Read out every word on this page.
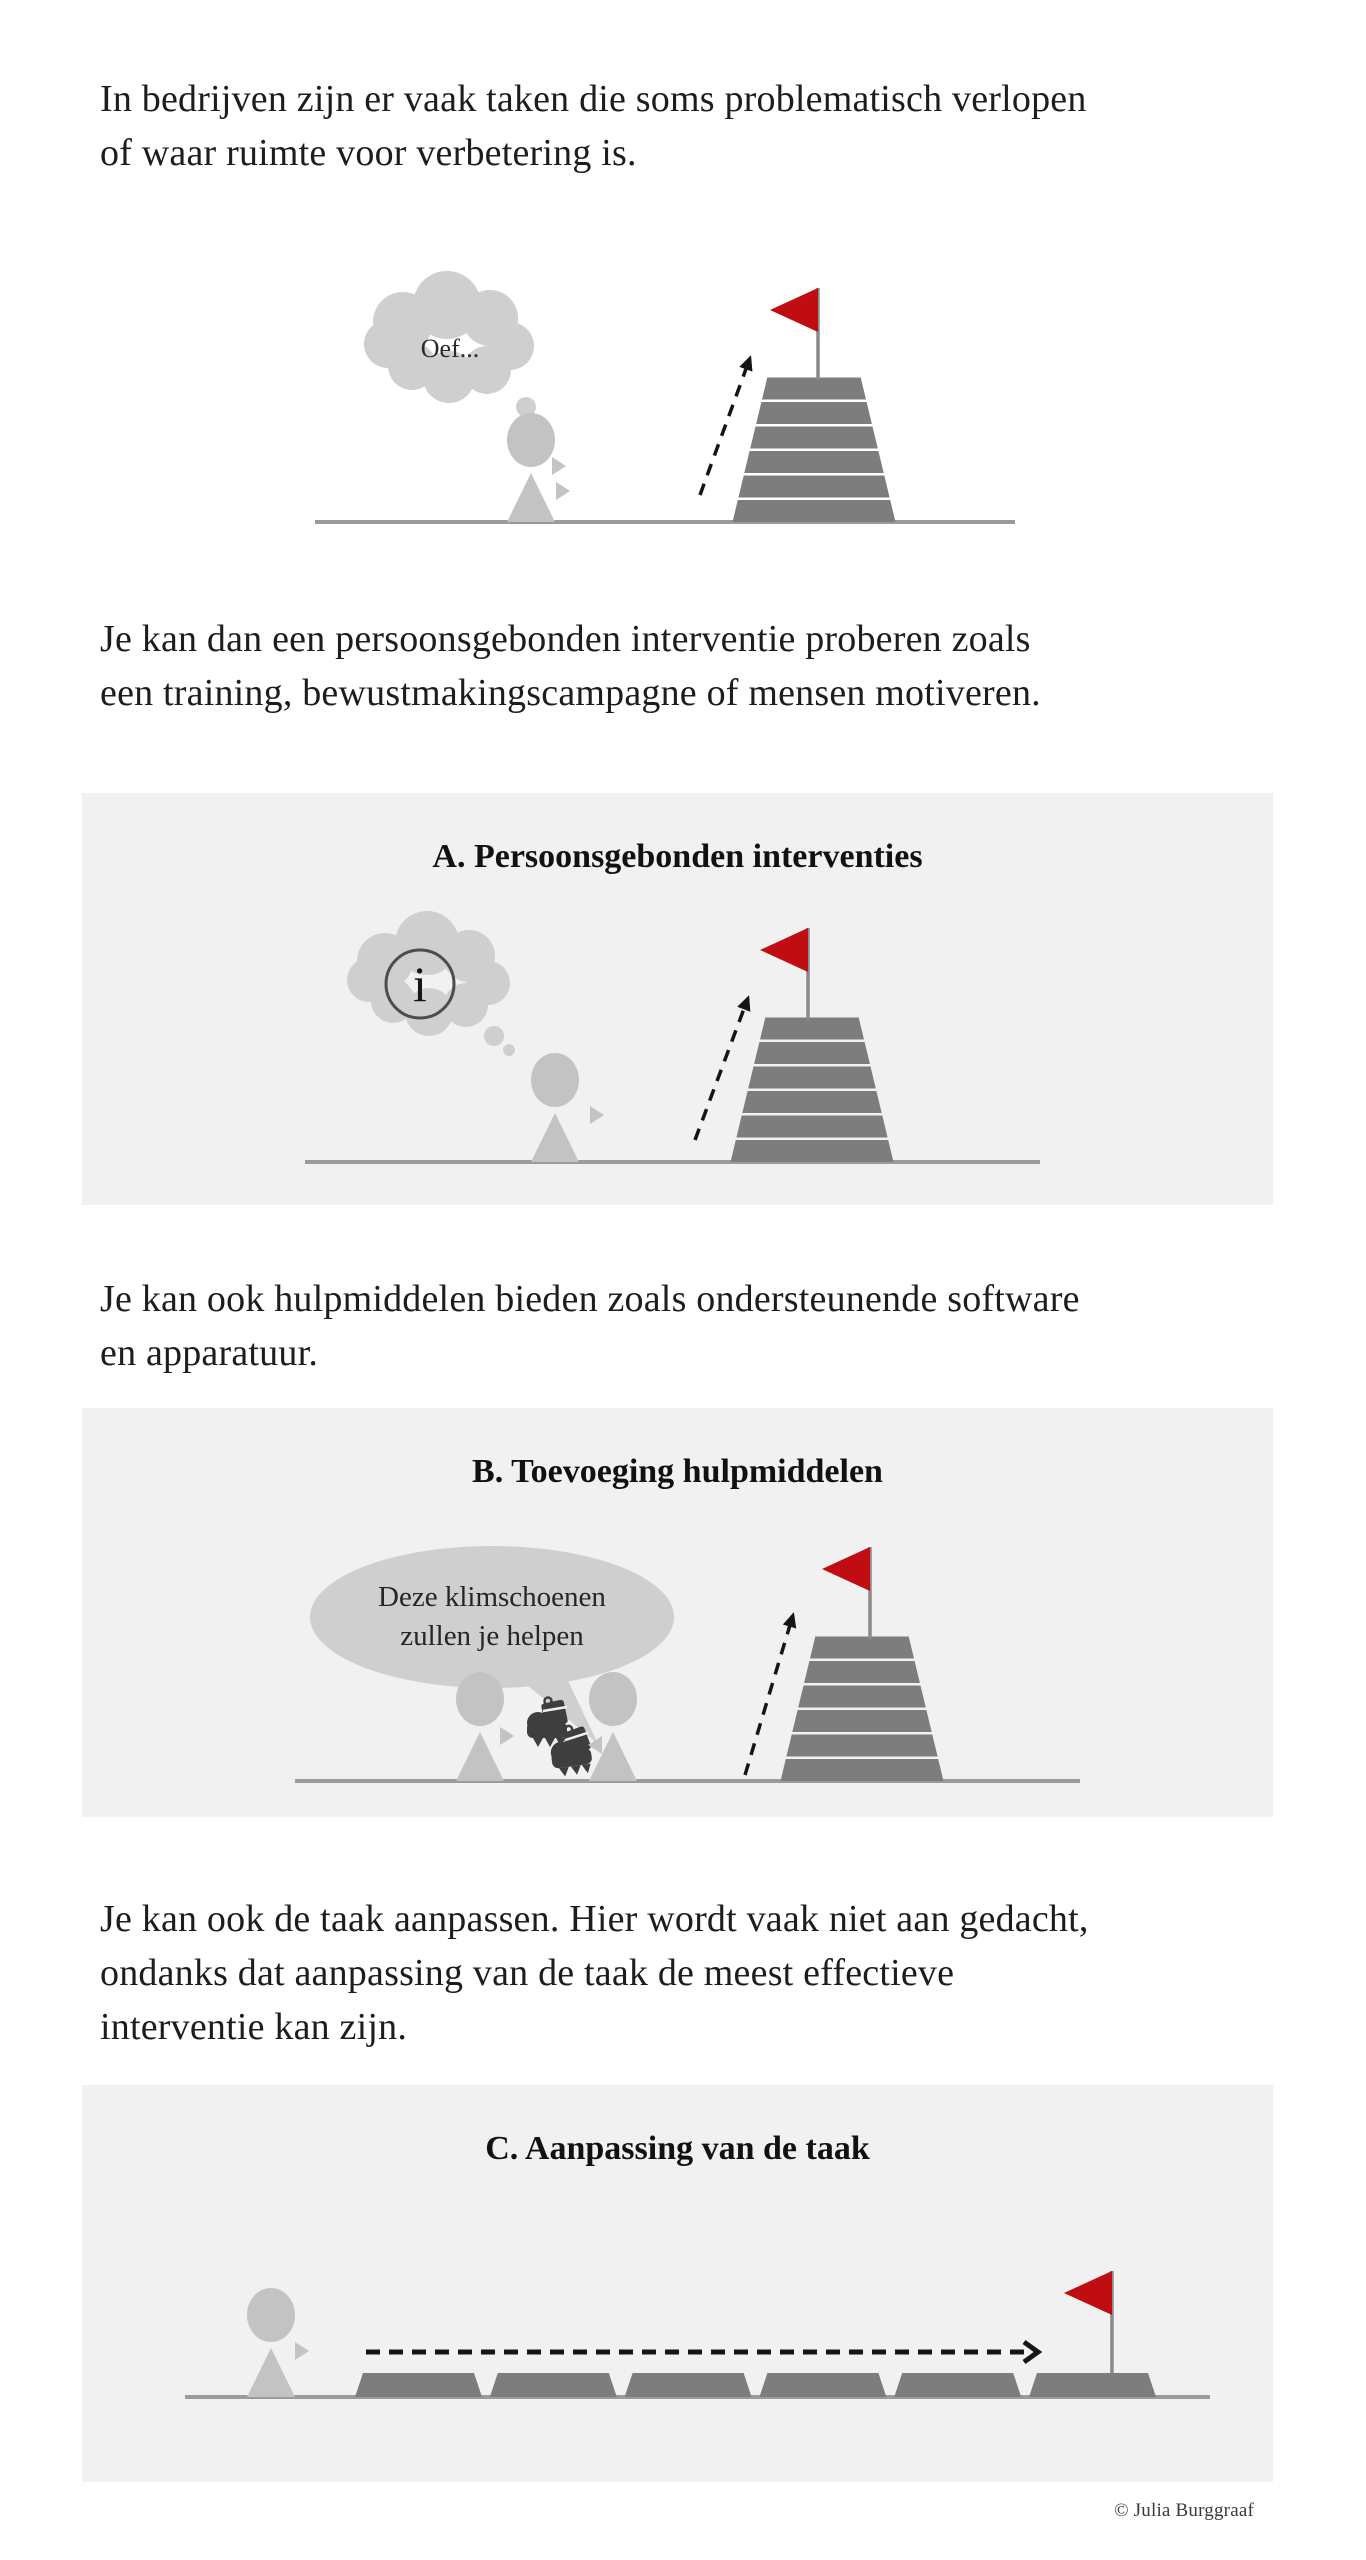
In bedrijven zijn er vaak taken die soms problematisch verlopen
of waar ruimte voor verbetering is.
Oef...
Je kan dan een persoonsgebonden interventie proberen zoals
een training, bewustmakingscampagne of mensen motiveren.
A. Persoonsgebonden interventies
i
Je kan ook hulpmiddelen bieden zoals ondersteunende software
en apparatuur.
B. Toevoeging hulpmiddelen
Deze klimschoenen
zullen je helpen
Je kan ook de taak aanpassen. Hier wordt vaak niet aan gedacht,
ondanks dat aanpassing van de taak de meest effectieve
interventie kan zijn.
C. Aanpassing van de taak
© Julia Burggraaf
